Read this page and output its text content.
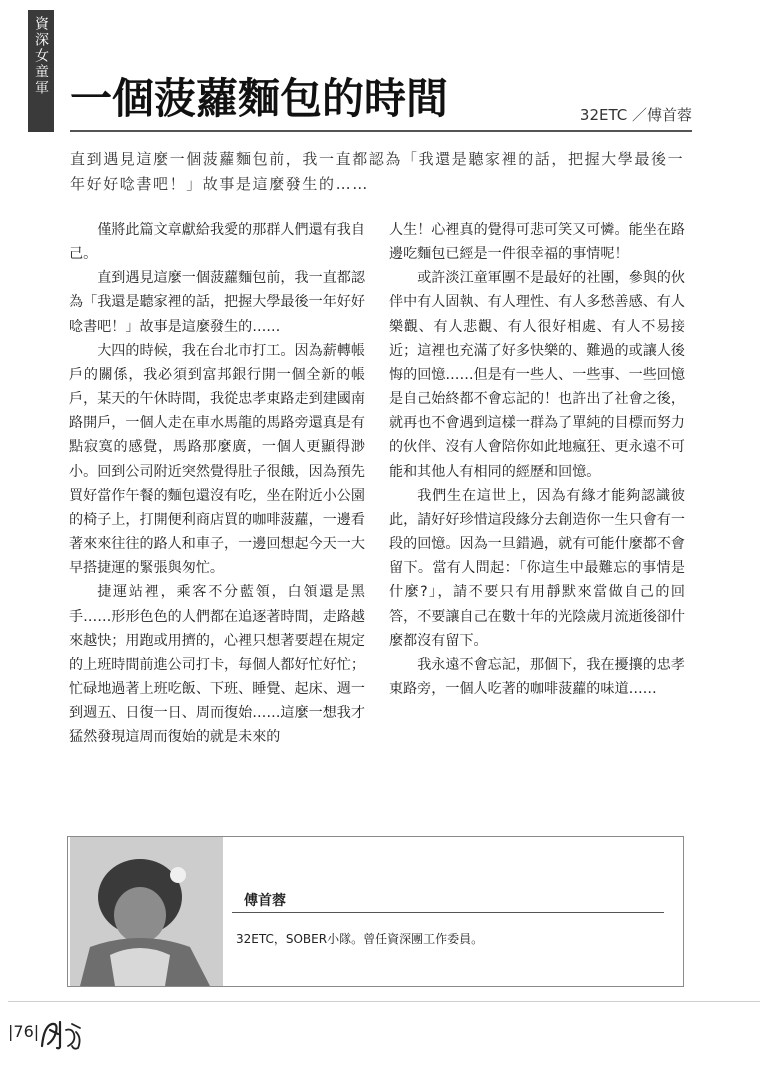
資深女童軍
一個菠蘿麵包的時間	32ETC ／傅首蓉

直到遇見這麼一個菠蘿麵包前，我一直都認為「我還是聽家裡的話，把握大學最後一年好好唸書吧！」故事是這麼發生的……

僅將此篇文章獻給我愛的那群人們還有我自己。

直到遇見這麼一個菠蘿麵包前，我一直都認為「我還是聽家裡的話，把握大學最後一年好好唸書吧！」故事是這麼發生的……

大四的時候，我在台北市打工。因為薪轉帳戶的關係，我必須到富邦銀行開一個全新的帳戶，某天的午休時間，我從忠孝東路走到建國南路開戶，一個人走在車水馬龍的馬路旁還真是有點寂寞的感覺，馬路那麼廣，一個人更顯得渺小。回到公司附近突然覺得肚子很餓，因為預先買好當作午餐的麵包還沒有吃，坐在附近小公園的椅子上，打開便利商店買的咖啡菠蘿，一邊看著來來往往的路人和車子，一邊回想起今天一大早搭捷運的緊張與匆忙。

捷運站裡，乘客不分藍領，白領還是黑手……形形色色的人們都在追逐著時間，走路越來越快；用跑或用擠的，心裡只想著要趕在規定的上班時間前進公司打卡，每個人都好忙好忙；忙碌地過著上班吃飯、下班、睡覺、起床、週一到週五、日復一日、周而復始……這麼一想我才猛然發現這周而復始的就是未來的

人生！心裡真的覺得可悲可笑又可憐。能坐在路邊吃麵包已經是一件很幸福的事情呢！

或許淡江童軍團不是最好的社團，參與的伙伴中有人固執、有人理性、有人多愁善感、有人樂觀、有人悲觀、有人很好相處、有人不易接近；這裡也充滿了好多快樂的、難過的或讓人後悔的回憶……但是有一些人、一些事、一些回憶是自己始終都不會忘記的！也許出了社會之後，就再也不會遇到這樣一群為了單純的目標而努力的伙伴、沒有人會陪你如此地瘋狂、更永遠不可能和其他人有相同的經歷和回憶。

我們生在這世上，因為有緣才能夠認識彼此，請好好珍惜這段緣分去創造你一生只會有一段的回憶。因為一旦錯過，就有可能什麼都不會留下。當有人問起：「你這生中最難忘的事情是什麼?」，請不要只有用靜默來當做自己的回答，不要讓自己在數十年的光陰歲月流逝後卻什麼都沒有留下。

我永遠不會忘記，那個下，我在擾攘的忠孝東路旁，一個人吃著的咖啡菠蘿的味道……

傅首蓉
32ETC，SOBER小隊。曾任資深團工作委員。
|76|
